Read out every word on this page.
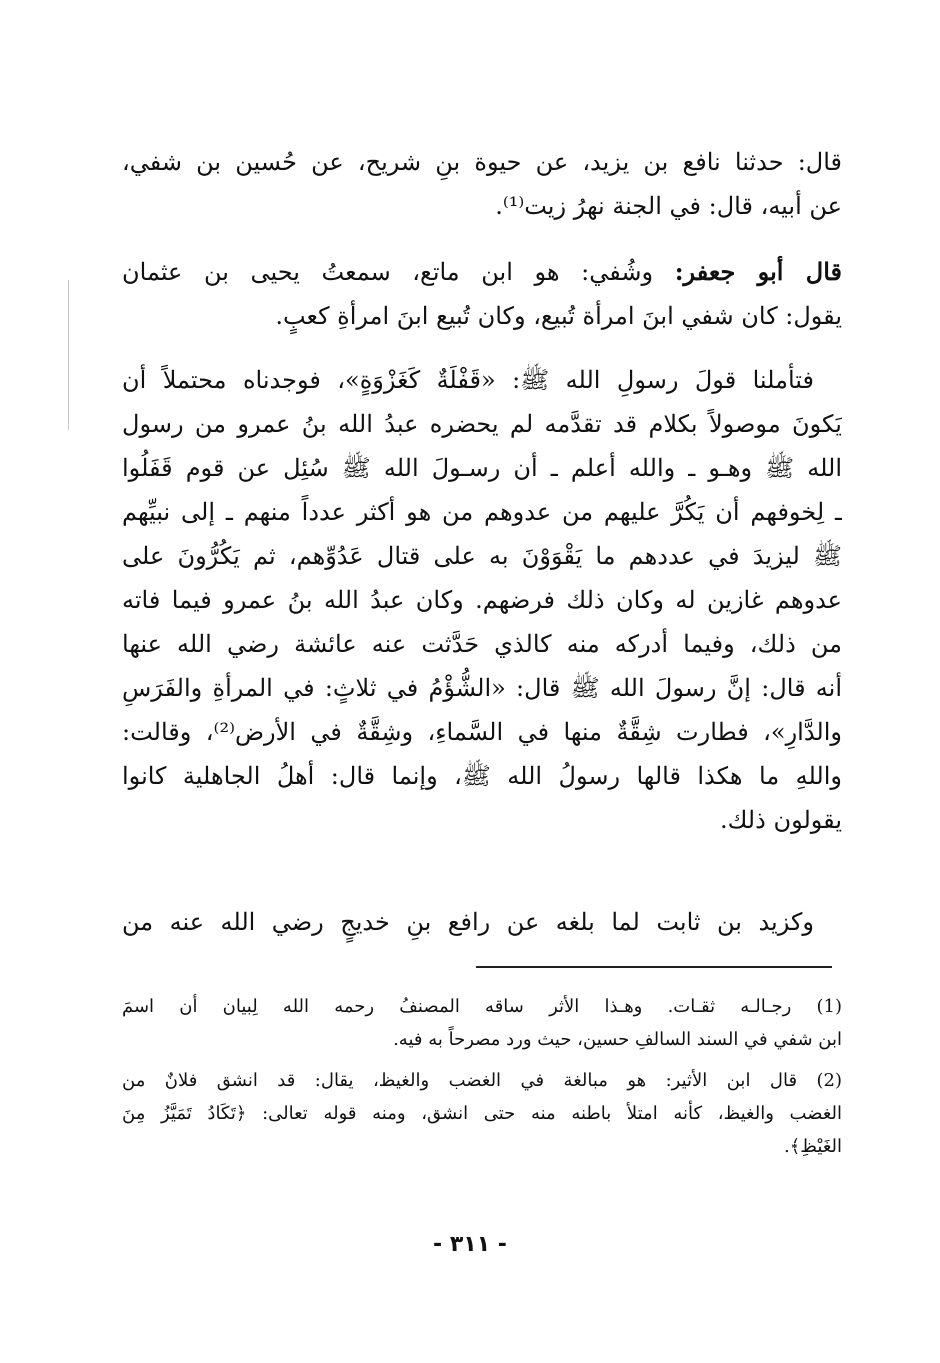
قال: حدثنا نافع بن يزيد، عن حيوة بنِ شريح، عن حُسين بن شفي،

عن أبيه، قال: في الجنة نهرُ زيت⁽¹⁾.

قال أبو جعفر: وشُفي: هو ابن ماتع، سمعتُ يحيى بن عثمان

يقول: كان شفي ابنَ امرأة تُبيع، وكان تُبيع ابنَ امرأةِ كعبٍ.

فتأملنا قولَ رسولِ الله ﷺ: «قَفْلَةٌ كَغَزْوَةٍ»، فوجدناه محتملاً أن

يَكونَ موصولاً بكلام قد تقدَّمه لم يحضره عبدُ الله بنُ عمرو من رسول

الله ﷺ وهـو ـ والله أعلم ـ أن رسـولَ الله ﷺ سُئِل عن قوم قَفَلُوا

ـ لِخوفهم أن يَكُرَّ عليهم من عدوهم من هو أكثر عدداً منهم ـ إلى نبيِّهم

ﷺ ليزيدَ في عددهم ما يَقْوَوْنَ به على قتال عَدُوِّهم، ثم يَكُرُّونَ على

عدوهم غازين له وكان ذلك فرضهم. وكان عبدُ الله بنُ عمرو فيما فاته

من ذلك، وفيما أدركه منه كالذي حَدَّثت عنه عائشة رضي الله عنها

أنه قال: إنَّ رسولَ الله ﷺ قال: «الشُّؤْمُ في ثلاثٍ: في المرأةِ والفَرَسِ

والدَّارِ»، فطارت شِقَّةٌ منها في السَّماءِ، وشِقَّةٌ في الأرض⁽²⁾، وقالت:

واللهِ ما هكذا قالها رسولُ الله ﷺ، وإنما قال: أهلُ الجاهلية كانوا

يقولون ذلك.

وكزيد بن ثابت لما بلغه عن رافع بنِ خديجٍ رضي الله عنه من

(1) رجـالـه ثقـات. وهـذا الأثر ساقه المصنفُ رحمه الله لِبيان أن اسمَ

ابن شفي في السند السالفِ حسين، حيث ورد مصرحاً به فيه.

(2) قال ابن الأثير: هو مبالغة في الغضب والغيظ، يقال: قد انشق فلانٌ من

الغضب والغيظ، كأنه امتلأ باطنه منه حتى انشق، ومنه قوله تعالى: ﴿تَكَادُ تَمَيَّزُ مِنَ

الغَيْظِ﴾.

- ٣١١ -
